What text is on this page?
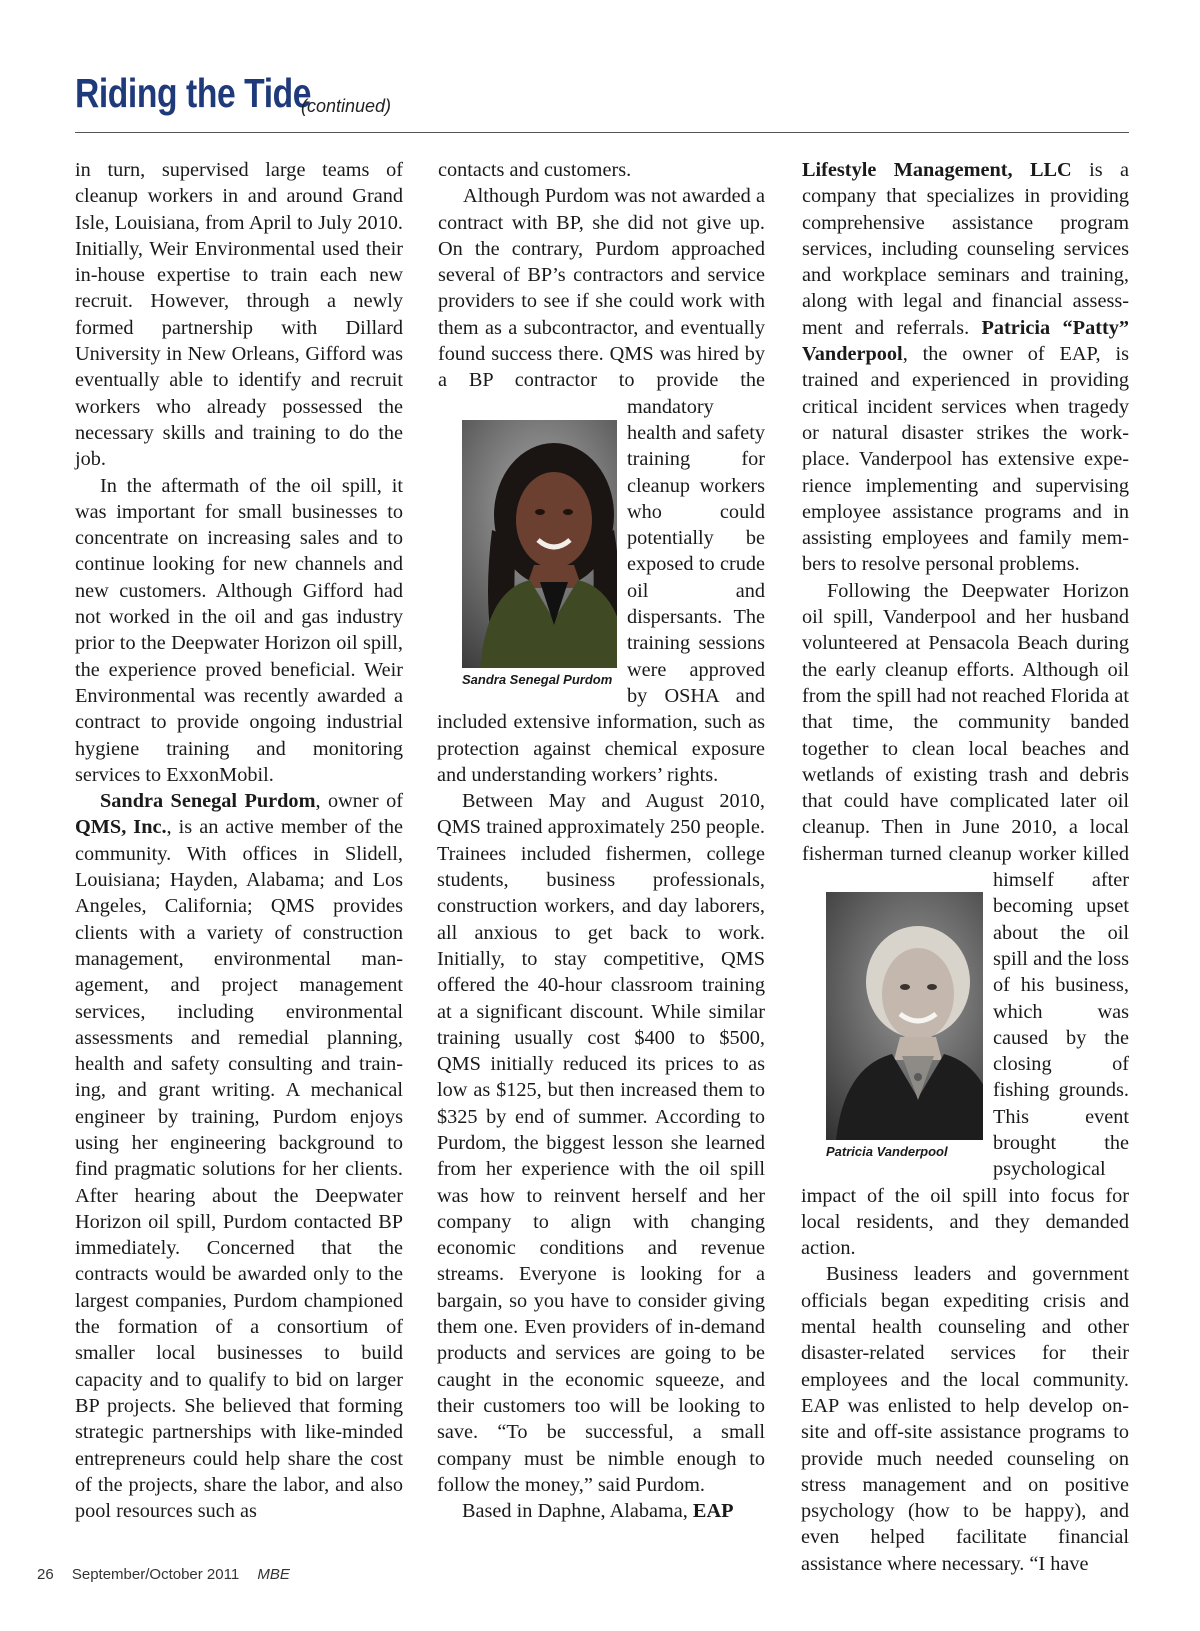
Riding the Tide
(continued)

in turn, supervised large teams of cleanup workers in and around Grand Isle, Louisiana, from April to July 2010. Initially, Weir Environmental used their in-house expertise to train each new recruit. However, through a newly formed partnership with Dillard University in New Orleans, Gifford was eventually able to identify and recruit workers who already possessed the necessary skills and training to do the job.

In the aftermath of the oil spill, it was important for small businesses to concentrate on increasing sales and to continue looking for new channels and new customers. Although Gifford had not worked in the oil and gas industry prior to the Deepwater Horizon oil spill, the experience proved beneficial. Weir Environmental was recently awarded a contract to provide ongoing industrial hygiene training and monitoring services to ExxonMobil.

Sandra Senegal Purdom, owner of QMS, Inc., is an active member of the community. With offices in Slidell, Louisiana; Hayden, Alabama; and Los Angeles, California; QMS provides clients with a variety of construction management, environmental management, and project management services, including environmental assessments and remedial planning, health and safety consulting and training, and grant writing. A mechanical engineer by training, Purdom enjoys using her engineering background to find pragmatic solutions for her clients. After hearing about the Deepwater Horizon oil spill, Purdom contacted BP immediately. Concerned that the contracts would be awarded only to the largest companies, Purdom championed the formation of a consortium of smaller local businesses to build capacity and to qualify to bid on larger BP projects. She believed that forming strategic partnerships with like-minded entrepreneurs could help share the cost of the projects, share the labor, and also pool resources such as

contacts and customers.

Sandra Senegal Purdom
Although Purdom was not awarded a contract with BP, she did not give up. On the contrary, Purdom approached several of BP’s contractors and service providers to see if she could work with them as a subcontractor, and eventually found success there. QMS was hired by a BP contractor to provide the mandatory health and safety training for cleanup workers who could potentially be exposed to crude oil and dispersants. The training sessions were approved by OSHA and included extensive information, such as protection against chemical exposure and understanding workers’ rights.

Between May and August 2010, QMS trained approximately 250 people. Trainees included fishermen, college students, business professionals, construction workers, and day laborers, all anxious to get back to work. Initially, to stay competitive, QMS offered the 40-hour classroom training at a significant discount. While similar training usually cost $400 to $500, QMS initially reduced its prices to as low as $125, but then increased them to $325 by end of summer. According to Purdom, the biggest lesson she learned from her experience with the oil spill was how to reinvent herself and her company to align with changing economic conditions and revenue streams. Everyone is looking for a bargain, so you have to consider giving them one. Even providers of in-demand products and services are going to be caught in the economic squeeze, and their customers too will be looking to save. “To be successful, a small company must be nimble enough to follow the money,” said Purdom.

Based in Daphne, Alabama, EAP

Lifestyle Management, LLC is a company that specializes in providing comprehensive assistance program services, including counseling services and workplace seminars and training, along with legal and financial assessment and referrals. Patricia “Patty” Vanderpool, the owner of EAP, is trained and experienced in providing critical incident services when tragedy or natural disaster strikes the workplace. Vanderpool has extensive experience implementing and supervising employee assistance programs and in assisting employees and family members to resolve personal problems.

Patricia Vanderpool
Following the Deepwater Horizon oil spill, Vanderpool and her husband volunteered at Pensacola Beach during the early cleanup efforts. Although oil from the spill had not reached Florida at that time, the community banded together to clean local beaches and wetlands of existing trash and debris that could have complicated later oil cleanup. Then in June 2010, a local fisherman turned cleanup worker killed himself after becoming upset about the oil spill and the loss of his business, which was caused by the closing of fishing grounds. This event brought the psychological impact of the oil spill into focus for local residents, and they demanded action.

Business leaders and government officials began expediting crisis and mental health counseling and other disaster-related services for their employees and the local community. EAP was enlisted to help develop on-site and off-site assistance programs to provide much needed counseling on stress management and on positive psychology (how to be happy), and even helped facilitate financial assistance where necessary. “I have

26 September/October 2011 MBE
